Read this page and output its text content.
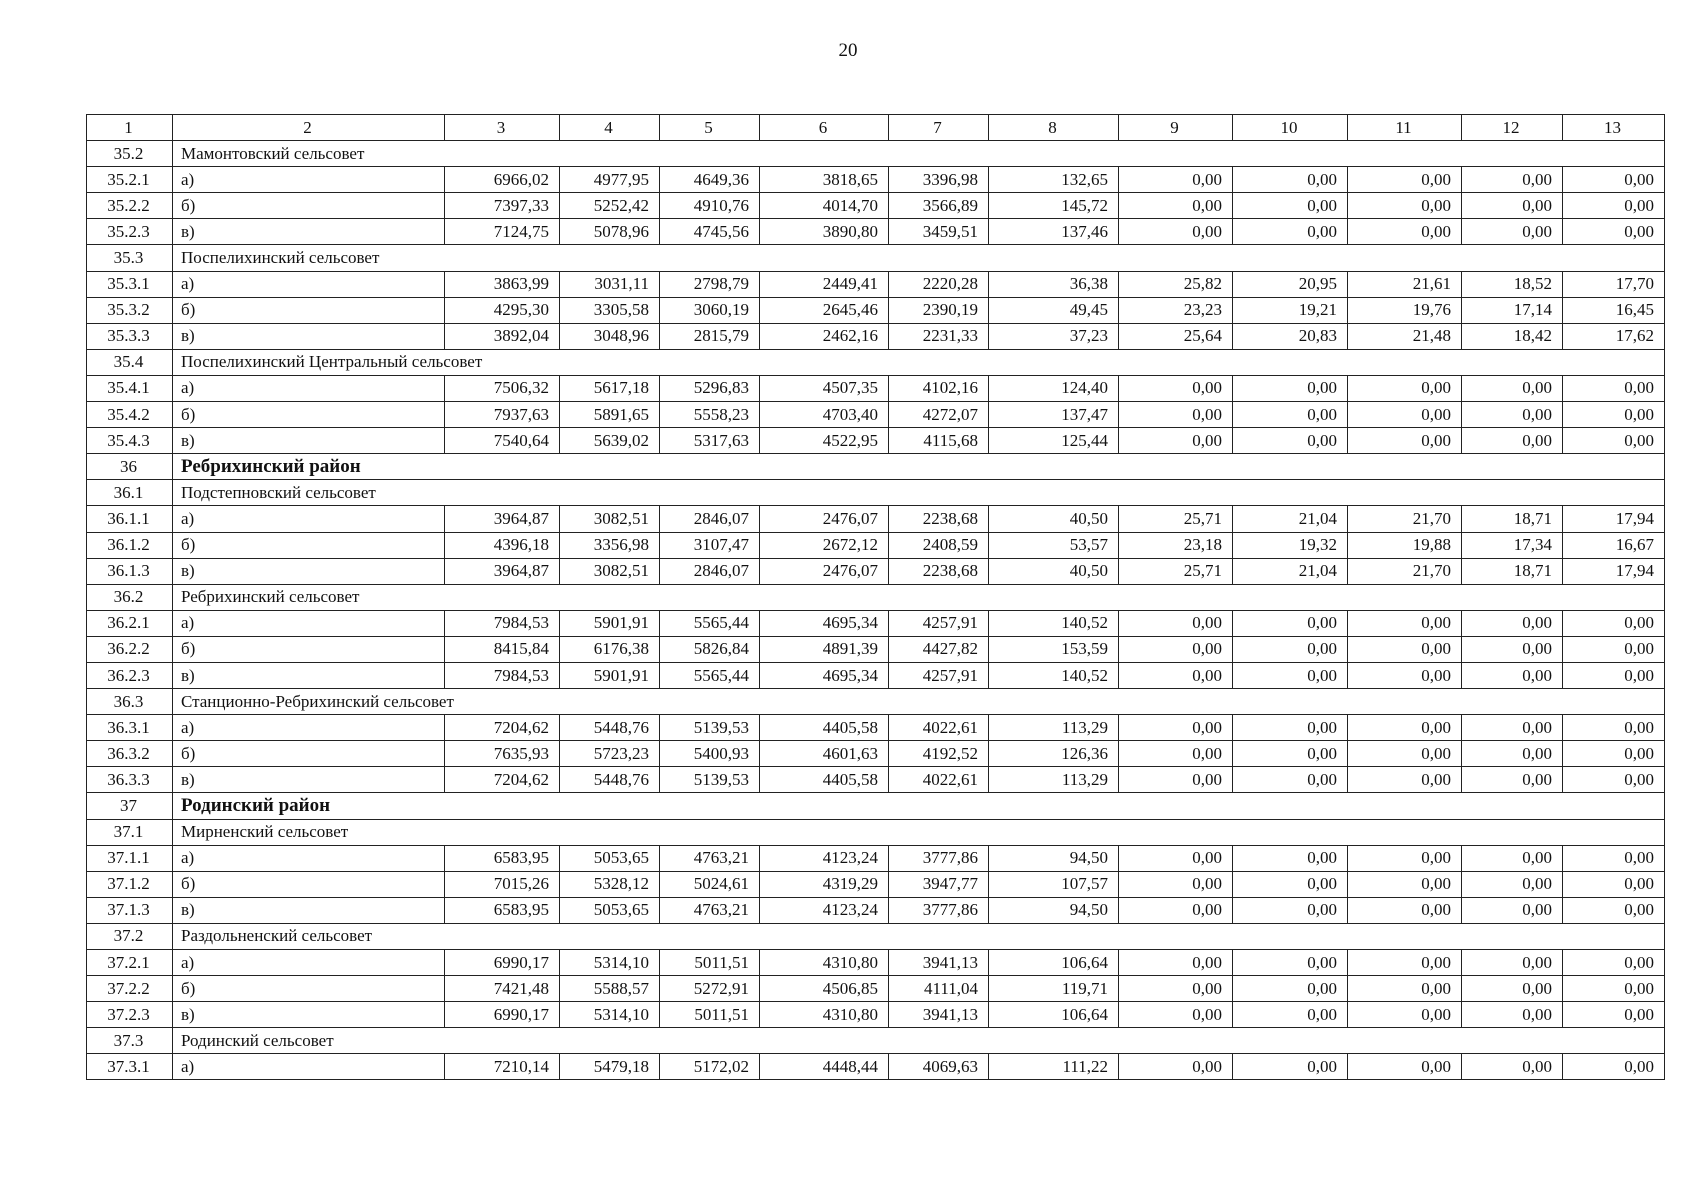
20
1	2	3	4	5	6	7	8	9	10	11	12	13
35.2	Мамонтовский сельсовет											
35.2.1	а)	6966,02	4977,95	4649,36	3818,65	3396,98	132,65	0,00	0,00	0,00	0,00	0,00
35.2.2	б)	7397,33	5252,42	4910,76	4014,70	3566,89	145,72	0,00	0,00	0,00	0,00	0,00
35.2.3	в)	7124,75	5078,96	4745,56	3890,80	3459,51	137,46	0,00	0,00	0,00	0,00	0,00
35.3	Поспелихинский сельсовет											
35.3.1	а)	3863,99	3031,11	2798,79	2449,41	2220,28	36,38	25,82	20,95	21,61	18,52	17,70
35.3.2	б)	4295,30	3305,58	3060,19	2645,46	2390,19	49,45	23,23	19,21	19,76	17,14	16,45
35.3.3	в)	3892,04	3048,96	2815,79	2462,16	2231,33	37,23	25,64	20,83	21,48	18,42	17,62
35.4	Поспелихинский Центральный сельсовет											
35.4.1	а)	7506,32	5617,18	5296,83	4507,35	4102,16	124,40	0,00	0,00	0,00	0,00	0,00
35.4.2	б)	7937,63	5891,65	5558,23	4703,40	4272,07	137,47	0,00	0,00	0,00	0,00	0,00
35.4.3	в)	7540,64	5639,02	5317,63	4522,95	4115,68	125,44	0,00	0,00	0,00	0,00	0,00
36	Ребрихинский район											
36.1	Подстепновский сельсовет											
36.1.1	а)	3964,87	3082,51	2846,07	2476,07	2238,68	40,50	25,71	21,04	21,70	18,71	17,94
36.1.2	б)	4396,18	3356,98	3107,47	2672,12	2408,59	53,57	23,18	19,32	19,88	17,34	16,67
36.1.3	в)	3964,87	3082,51	2846,07	2476,07	2238,68	40,50	25,71	21,04	21,70	18,71	17,94
36.2	Ребрихинский сельсовет											
36.2.1	а)	7984,53	5901,91	5565,44	4695,34	4257,91	140,52	0,00	0,00	0,00	0,00	0,00
36.2.2	б)	8415,84	6176,38	5826,84	4891,39	4427,82	153,59	0,00	0,00	0,00	0,00	0,00
36.2.3	в)	7984,53	5901,91	5565,44	4695,34	4257,91	140,52	0,00	0,00	0,00	0,00	0,00
36.3	Станционно-Ребрихинский сельсовет											
36.3.1	а)	7204,62	5448,76	5139,53	4405,58	4022,61	113,29	0,00	0,00	0,00	0,00	0,00
36.3.2	б)	7635,93	5723,23	5400,93	4601,63	4192,52	126,36	0,00	0,00	0,00	0,00	0,00
36.3.3	в)	7204,62	5448,76	5139,53	4405,58	4022,61	113,29	0,00	0,00	0,00	0,00	0,00
37	Родинский район											
37.1	Мирненский сельсовет											
37.1.1	а)	6583,95	5053,65	4763,21	4123,24	3777,86	94,50	0,00	0,00	0,00	0,00	0,00
37.1.2	б)	7015,26	5328,12	5024,61	4319,29	3947,77	107,57	0,00	0,00	0,00	0,00	0,00
37.1.3	в)	6583,95	5053,65	4763,21	4123,24	3777,86	94,50	0,00	0,00	0,00	0,00	0,00
37.2	Раздольненский сельсовет											
37.2.1	а)	6990,17	5314,10	5011,51	4310,80	3941,13	106,64	0,00	0,00	0,00	0,00	0,00
37.2.2	б)	7421,48	5588,57	5272,91	4506,85	4111,04	119,71	0,00	0,00	0,00	0,00	0,00
37.2.3	в)	6990,17	5314,10	5011,51	4310,80	3941,13	106,64	0,00	0,00	0,00	0,00	0,00
37.3	Родинский сельсовет											
37.3.1	а)	7210,14	5479,18	5172,02	4448,44	4069,63	111,22	0,00	0,00	0,00	0,00	0,00
